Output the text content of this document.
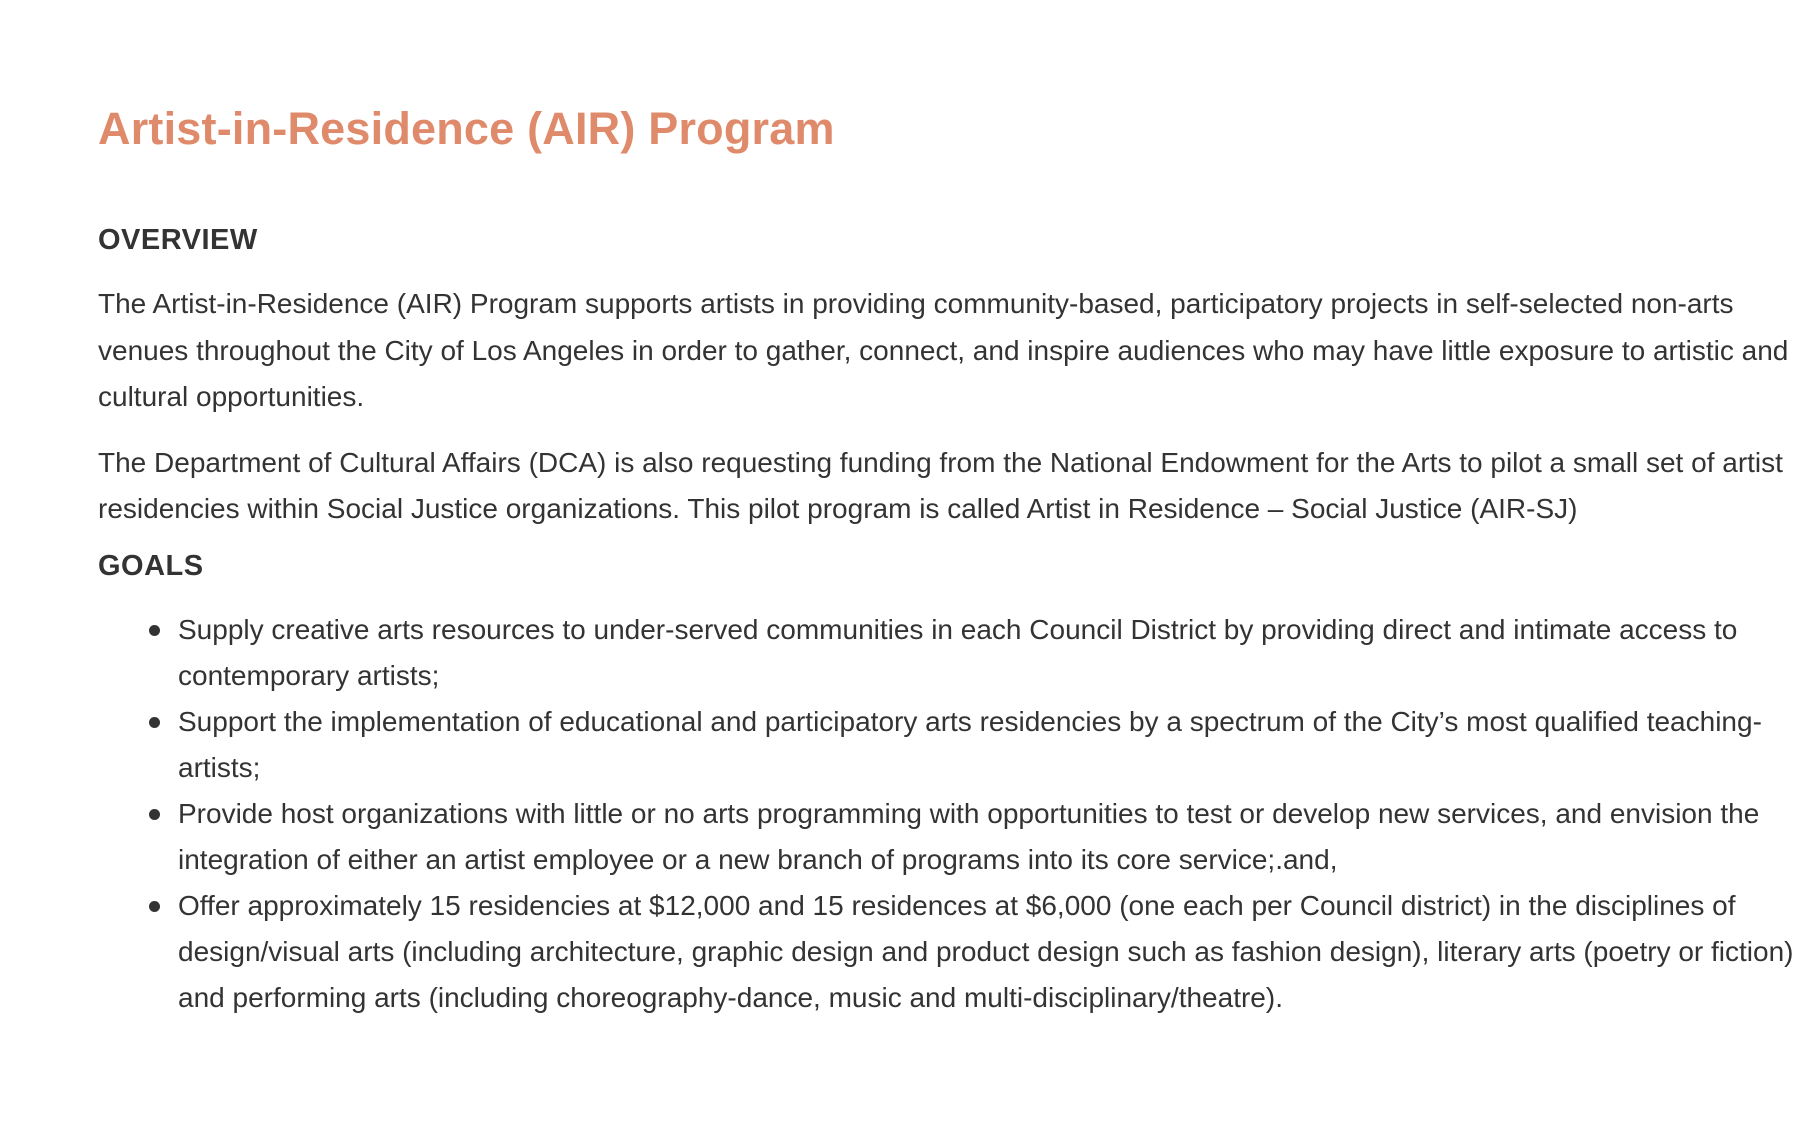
Artist-in-Residence (AIR) Program
OVERVIEW

The Artist-in-Residence (AIR) Program supports artists in providing community-based, participatory projects in self-selected non-arts venues throughout the City of Los Angeles in order to gather, connect, and inspire audiences who may have little exposure to artistic and cultural opportunities.

The Department of Cultural Affairs (DCA) is also requesting funding from the National Endowment for the Arts to pilot a small set of artist residencies within Social Justice organizations. This pilot program is called Artist in Residence – Social Justice (AIR-SJ)

GOALS
Supply creative arts resources to under-served communities in each Council District by providing direct and intimate access to contemporary artists;
Support the implementation of educational and participatory arts residencies by a spectrum of the City’s most qualified teaching-artists;
Provide host organizations with little or no arts programming with opportunities to test or develop new services, and envision the integration of either an artist employee or a new branch of programs into its core service;.and,
Offer approximately 15 residencies at $12,000 and 15 residences at $6,000 (one each per Council district) in the disciplines of design/visual arts (including architecture, graphic design and product design such as fashion design), literary arts (poetry or fiction) and performing arts (including choreography-dance, music and multi-disciplinary/theatre).
